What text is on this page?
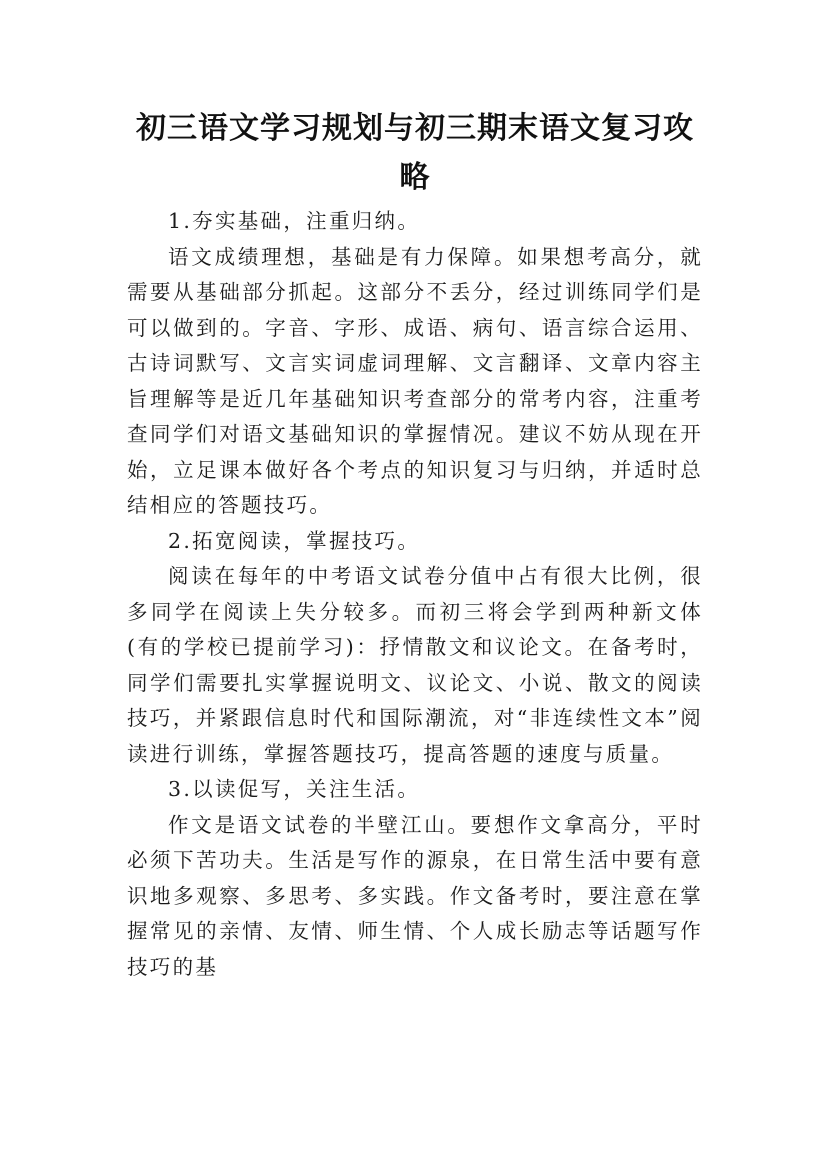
初三语文学习规划与初三期末语文复习攻略

1.夯实基础，注重归纳。

语文成绩理想，基础是有力保障。如果想考高分，就需要从基础部分抓起。这部分不丢分，经过训练同学们是可以做到的。字音、字形、成语、病句、语言综合运用、古诗词默写、文言实词虚词理解、文言翻译、文章内容主旨理解等是近几年基础知识考查部分的常考内容，注重考查同学们对语文基础知识的掌握情况。建议不妨从现在开始，立足课本做好各个考点的知识复习与归纳，并适时总结相应的答题技巧。

2.拓宽阅读，掌握技巧。

阅读在每年的中考语文试卷分值中占有很大比例，很多同学在阅读上失分较多。而初三将会学到两种新文体(有的学校已提前学习)：抒情散文和议论文。在备考时，同学们需要扎实掌握说明文、议论文、小说、散文的阅读技巧，并紧跟信息时代和国际潮流，对“非连续性文本”阅读进行训练，掌握答题技巧，提高答题的速度与质量。

3.以读促写，关注生活。

作文是语文试卷的半壁江山。要想作文拿高分，平时必须下苦功夫。生活是写作的源泉，在日常生活中要有意识地多观察、多思考、多实践。作文备考时，要注意在掌握常见的亲情、友情、师生情、个人成长励志等话题写作技巧的基
